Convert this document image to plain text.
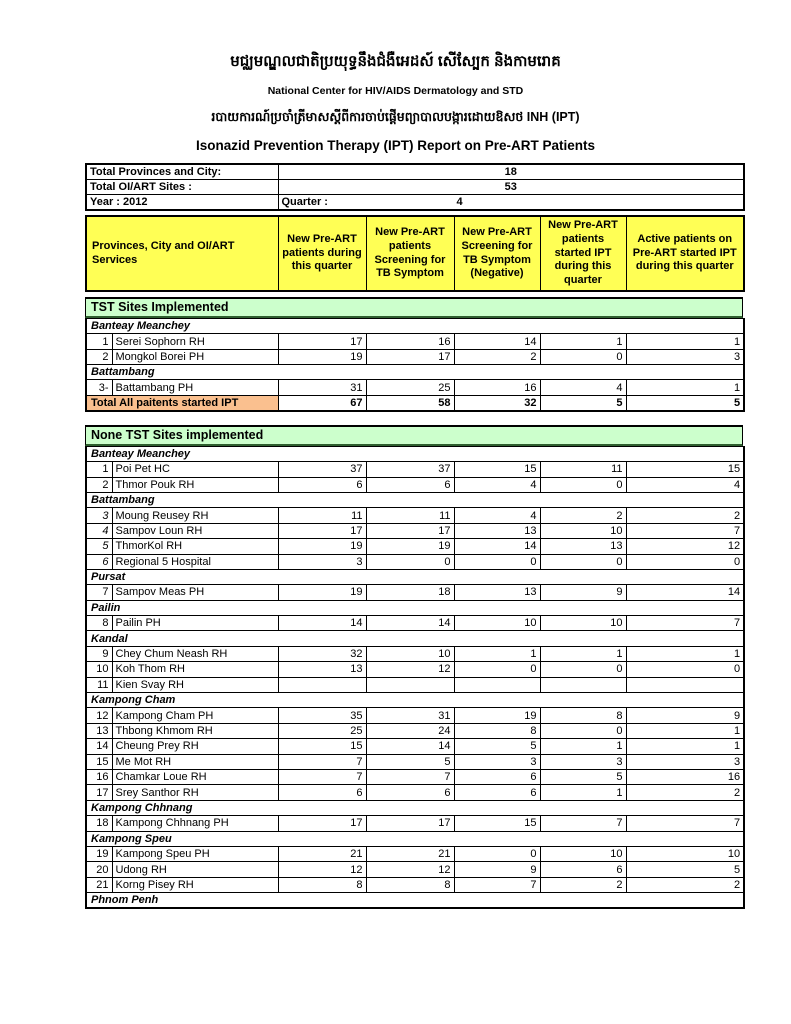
មជ្ឈមណ្ឌលជាតិប្រយុទ្ធនឹងជំងឺអេដស៍ សើស្បែក និងកាមរោគ
National Center for HIV/AIDS Dermatology and STD
របាយការណ៍ប្រចាំត្រីមាសស្តីពីការចាប់ផ្តើមព្យាបាលបង្ការដោយឱសថ INH (IPT)
Isonazid Prevention Therapy (IPT) Report on Pre-ART Patients
Total Provinces and City:	18
Total OI/ART Sites :	53
Year : 2012	Quarter : 4
Provinces, City and OI/ART Services	New Pre-ART patients during this quarter	New Pre-ART patients Screening for TB Symptom	New Pre-ART Screening for TB Symptom (Negative)	New Pre-ART patients started IPT during this quarter	Active patients on Pre-ART started IPT during this quarter
TST Sites Implemented
Banteay Meanchey						
1	Serei Sophorn RH	17	16	14	1	1
2	Mongkol Borei PH	19	17	2	0	3
Battambang						
3-	Battambang PH	31	25	16	4	1
Total All paitents started IPT		67	58	32	5	5
None TST Sites implemented
Banteay Meanchey						
1	Poi Pet HC	37	37	15	11	15
2	Thmor Pouk RH	6	6	4	0	4
Battambang						
3	Moung Reusey RH	11	11	4	2	2
4	Sampov Loun RH	17	17	13	10	7
5	ThmorKol RH	19	19	14	13	12
6	Regional 5 Hospital	3	0	0	0	0
Pursat						
7	Sampov Meas PH	19	18	13	9	14
Pailin						
8	Pailin PH	14	14	10	10	7
Kandal						
9	Chey Chum Neash RH	32	10	1	1	1
10	Koh Thom RH	13	12	0	0	0
11	Kien Svay RH					
Kampong Cham						
12	Kampong Cham PH	35	31	19	8	9
13	Thbong Khmom RH	25	24	8	0	1
14	Cheung Prey RH	15	14	5	1	1
15	Me Mot RH	7	5	3	3	3
16	Chamkar Loue RH	7	7	6	5	16
17	Srey Santhor RH	6	6	6	1	2
Kampong Chhnang						
18	Kampong Chhnang PH	17	17	15	7	7
Kampong Speu						
19	Kampong Speu PH	21	21	0	10	10
20	Udong RH	12	12	9	6	5
21	Korng Pisey RH	8	8	7	2	2
Phnom Penh						
